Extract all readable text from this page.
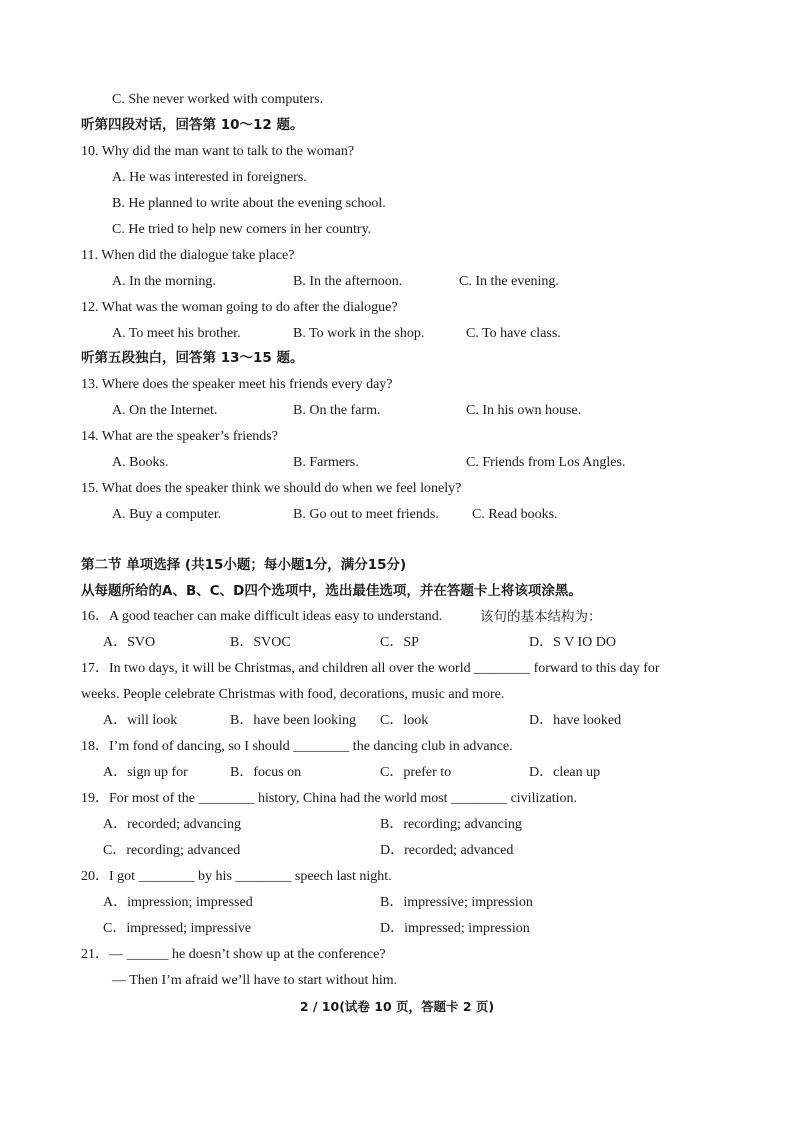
C. She never worked with computers.
听第四段对话，回答第 10～12 题。
10. Why did the man want to talk to the woman?
A. He was interested in foreigners.
B. He planned to write about the evening school.
C. He tried to help new comers in her country.
11. When did the dialogue take place?
A. In the morning.	B. In the afternoon.	C. In the evening.
12. What was the woman going to do after the dialogue?
A. To meet his brother.	B. To work in the shop.	C. To have class.
听第五段独白，回答第 13～15 题。
13. Where does the speaker meet his friends every day?
A. On the Internet.	B. On the farm.	C. In his own house.
14. What are the speaker’s friends?
A. Books.	B. Farmers.	C. Friends from Los Angles.
15. What does the speaker think we should do when we feel lonely?
A. Buy a computer.	B. Go out to meet friends. C. Read books.
第二节 单项选择 (共15小题；每小题1分，满分15分)
从每题所给的A、B、C、D四个选项中，选出最佳选项，并在答题卡上将该项涂黑。
16．A good teacher can make difficult ideas easy to understand.	该句的基本结构为：
A．SVO	B．SVOC	C．SP	D．S V IO DO
17．In two days, it will be Christmas, and children all over the world ________ forward to this day for
weeks. People celebrate Christmas with food, decorations, music and more.
A．will look	B．have been looking C．look	D．have looked
18．I’m fond of dancing, so I should ________ the dancing club in advance.
A．sign up for	B．focus on	C．prefer to	D．clean up
19．For most of the ________ history, China had the world most ________ civilization.
A．recorded; advancing	B．recording; advancing
C．recording; advanced	D．recorded; advanced
20．I got ________ by his ________ speech last night.
A．impression; impressed	B．impressive; impression
C．impressed; impressive	D．impressed; impression
21．— ______ he doesn’t show up at the conference?
— Then I’m afraid we’ll have to start without him.
2 / 10(试卷 10 页，答题卡 2 页)
